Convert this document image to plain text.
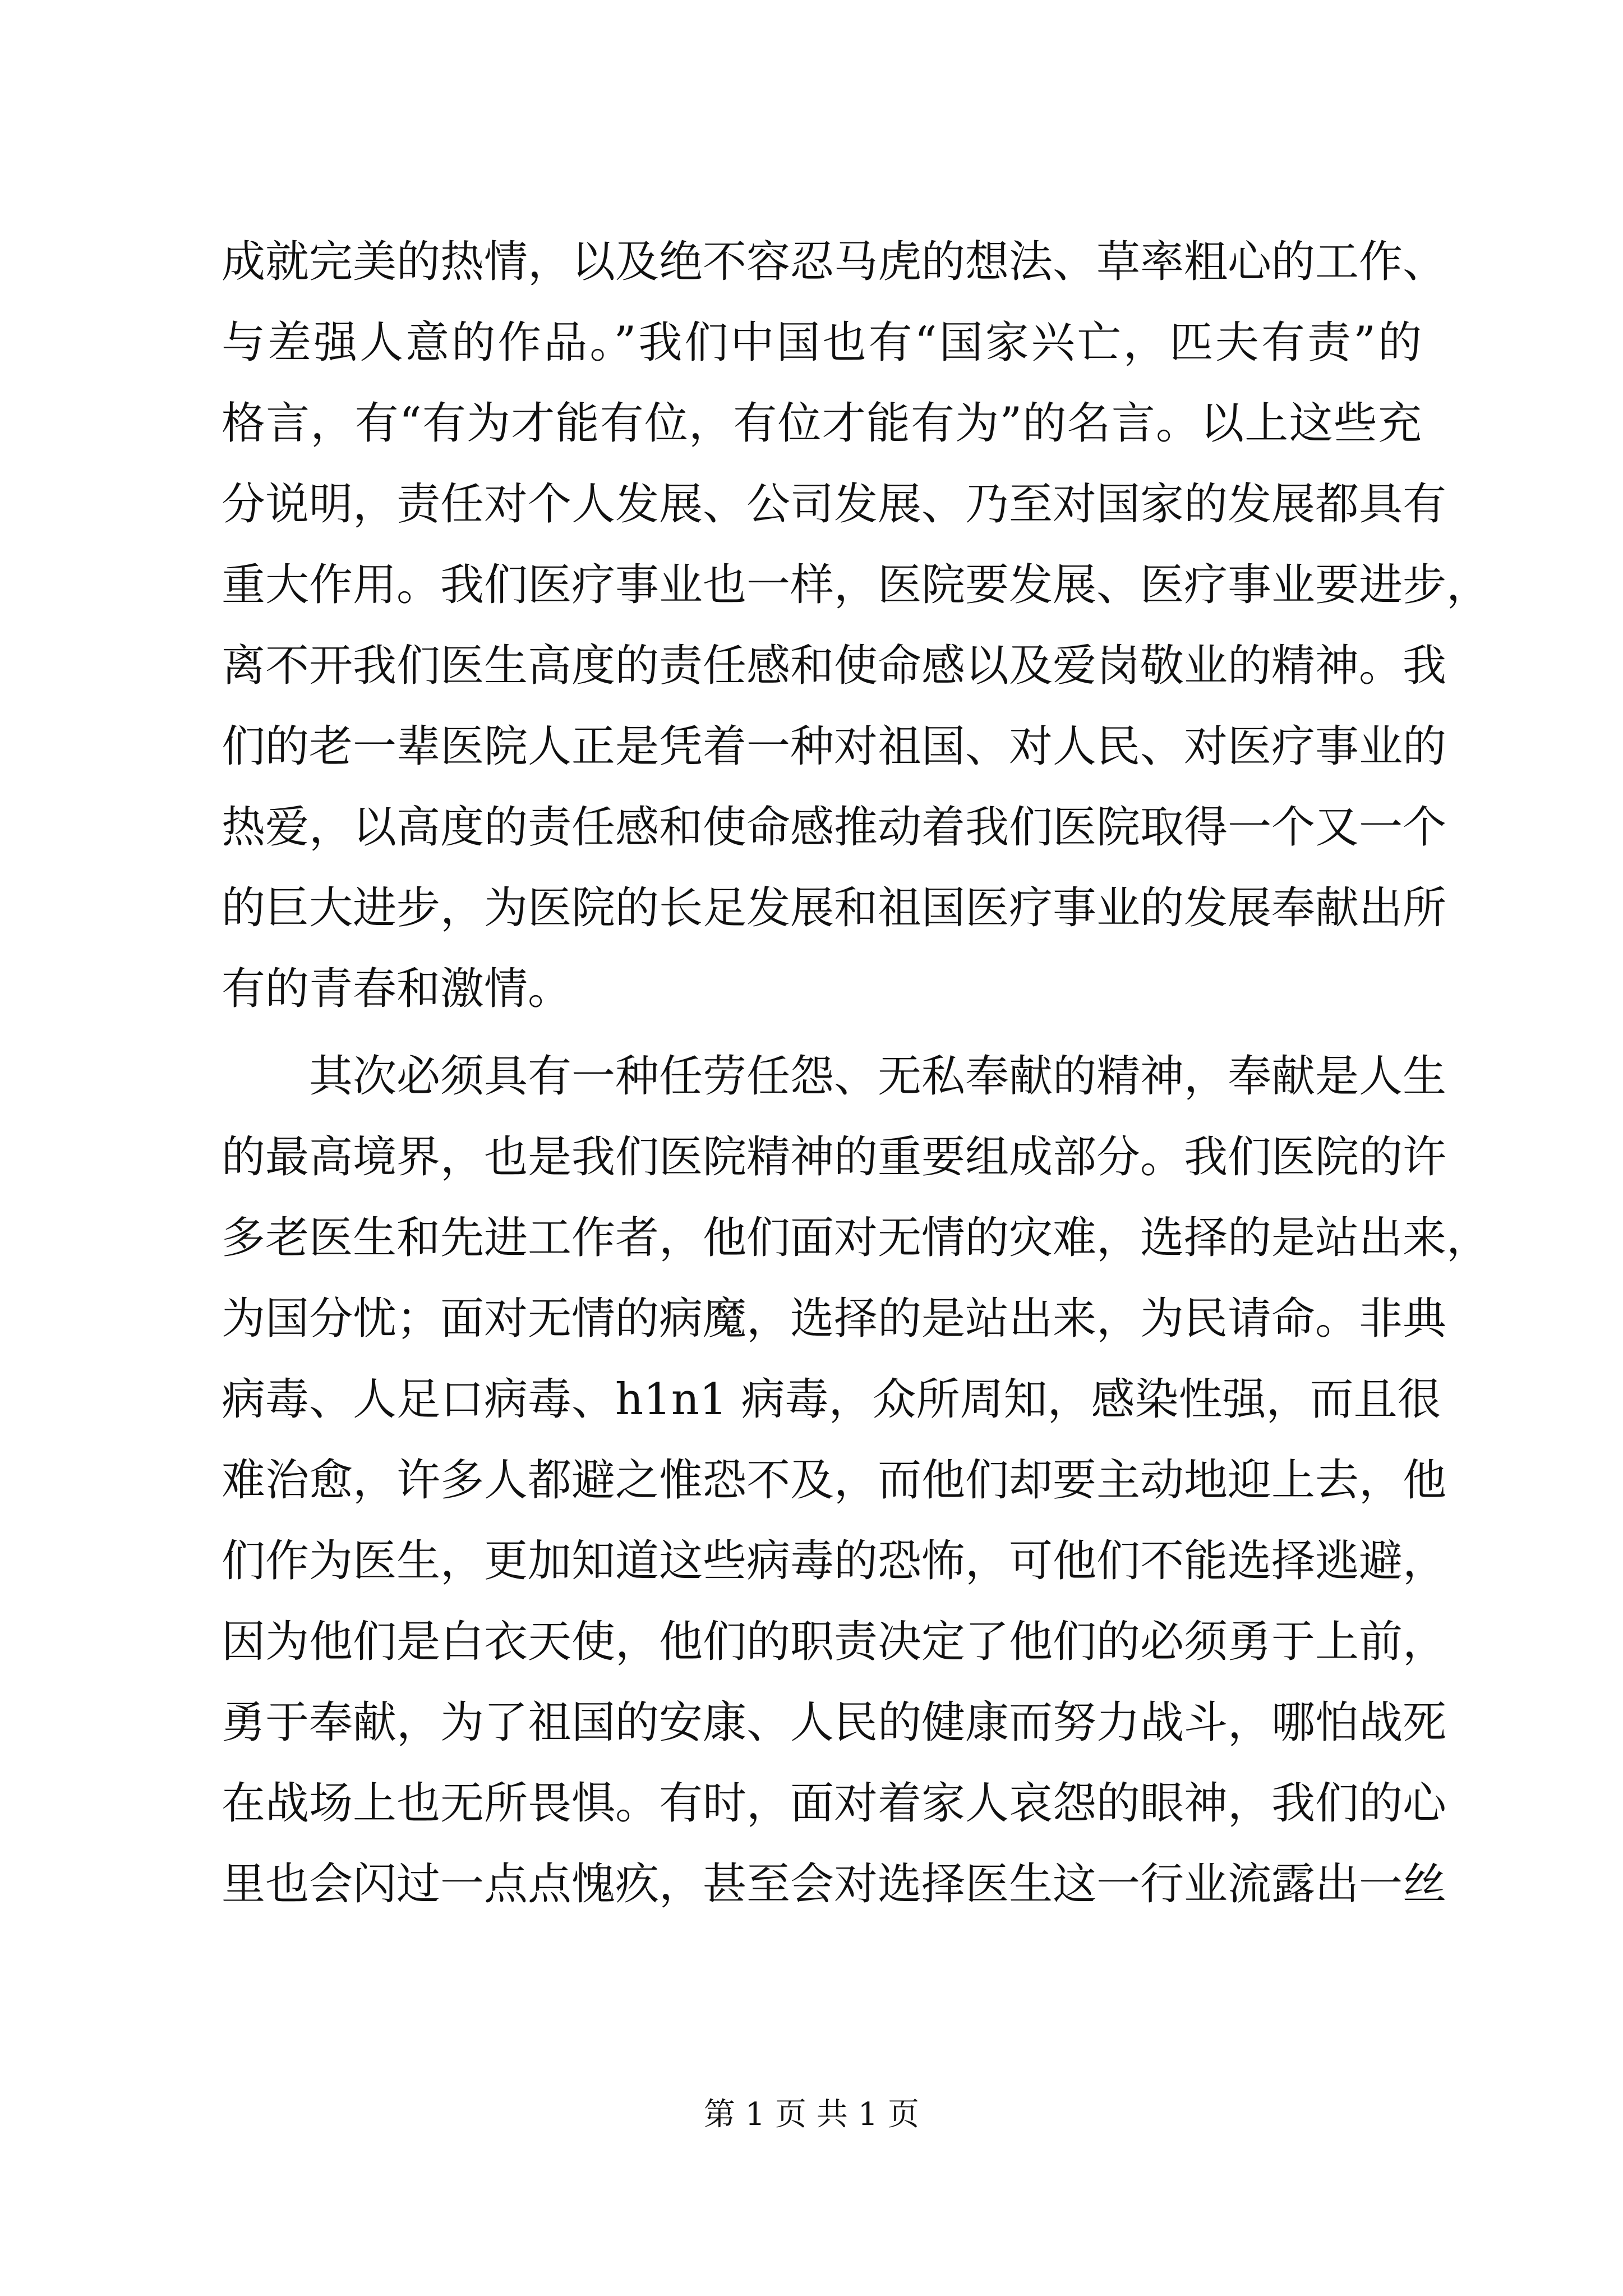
成就完美的热情，以及绝不容忍马虎的想法、草率粗心的工作、
与差强人意的作品。”我们中国也有“国家兴亡，匹夫有责”的
格言，有“有为才能有位，有位才能有为”的名言。以上这些充
分说明，责任对个人发展、公司发展、乃至对国家的发展都具有
重大作用。我们医疗事业也一样，医院要发展、医疗事业要进步，
离不开我们医生高度的责任感和使命感以及爱岗敬业的精神。我
们的老一辈医院人正是凭着一种对祖国、对人民、对医疗事业的
热爱，以高度的责任感和使命感推动着我们医院取得一个又一个
的巨大进步，为医院的长足发展和祖国医疗事业的发展奉献出所
有的青春和激情。
其次必须具有一种任劳任怨、无私奉献的精神，奉献是人生
的最高境界，也是我们医院精神的重要组成部分。我们医院的许
多老医生和先进工作者，他们面对无情的灾难，选择的是站出来，
为国分忧；面对无情的病魔，选择的是站出来，为民请命。非典
病毒、人足口病毒、h1n1 病毒，众所周知，感染性强，而且很
难治愈，许多人都避之惟恐不及，而他们却要主动地迎上去，他
们作为医生，更加知道这些病毒的恐怖，可他们不能选择逃避，
因为他们是白衣天使，他们的职责决定了他们的必须勇于上前，
勇于奉献，为了祖国的安康、人民的健康而努力战斗，哪怕战死
在战场上也无所畏惧。有时，面对着家人哀怨的眼神，我们的心
里也会闪过一点点愧疚，甚至会对选择医生这一行业流露出一丝
第 1 页 共 1 页
